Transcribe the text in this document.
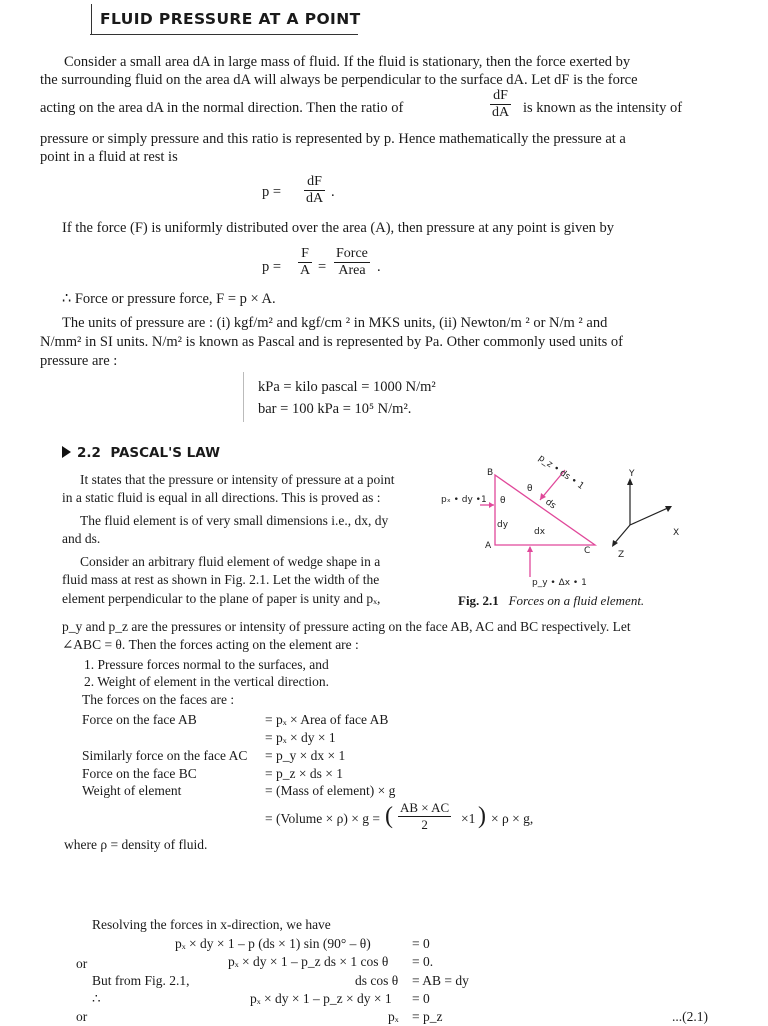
FLUID PRESSURE AT A POINT
Consider a small area dA in large mass of fluid. If the fluid is stationary, then the force exerted by
the surrounding fluid on the area dA will always be perpendicular to the surface dA. Let dF is the force
acting on the area dA in the normal direction. Then the ratio of	$\frac{dF}{dA}$ is known as the intensity of
pressure or simply pressure and this ratio is represented by p. Hence mathematically the pressure at a
point in a fluid at rest is
$p = \frac{dF}{dA}$ .
If the force (F) is uniformly distributed over the area (A), then pressure at any point is given by
$p = \frac{F}{A} = \frac{\text{Force}}{\text{Area}}$ .
∴ Force or pressure force, F = p × A.
The units of pressure are : (i) kgf/m² and kgf/cm ² in MKS units, (ii) Newton/m ² or N/m ² and
N/mm² in SI units. N/m² is known as Pascal and is represented by Pa. Other commonly used units of
pressure are :
kPa = kilo pascal = 1000 N/m²
bar = 100 kPa = 10⁵ N/m².
2.2 PASCAL'S LAW
It states that the pressure or intensity of pressure at a point
in a static fluid is equal in all directions. This is proved as :
The fluid element is of very small dimensions i.e., dx, dy
and ds.
Consider an arbitrary fluid element of wedge shape in a
fluid mass at rest as shown in Fig. 2.1. Let the width of the
element perpendicular to the plane of paper is unity and pₓ,
B
A	C
θ
θ
dy
dx
ds
pₓ • dy •1
p_z • ds • 1
p_y • Δx • 1
Y
X
Z
Fig. 2.1 Forces on a fluid element.
p_y and p_z are the pressures or intensity of pressure acting on the face AB, AC and BC respectively. Let
∠ABC = θ. Then the forces acting on the element are :
1. Pressure forces normal to the surfaces, and
2. Weight of element in the vertical direction.
The forces on the faces are :
Force on the face AB	= pₓ × Area of face AB
= pₓ × dy × 1
Similarly force on the face AC = p_y × dx × 1
Force on the face BC	= p_z × ds × 1
Weight of element	= (Mass of element) × g
= (Volume × ρ) × g = ( $\frac{AB \times AC}{2} \times 1$ ) × ρ × g,
where ρ = density of fluid.
Resolving the forces in x-direction, we have
pₓ × dy × 1 – p (ds × 1) sin (90° – θ)	= 0
or	pₓ × dy × 1 – p_z ds × 1 cos θ = 0.
But from Fig. 2.1,	ds cos θ = AB = dy
∴	pₓ × dy × 1 – p_z × dy × 1 = 0
or	pₓ = p_z	...(2.1)
